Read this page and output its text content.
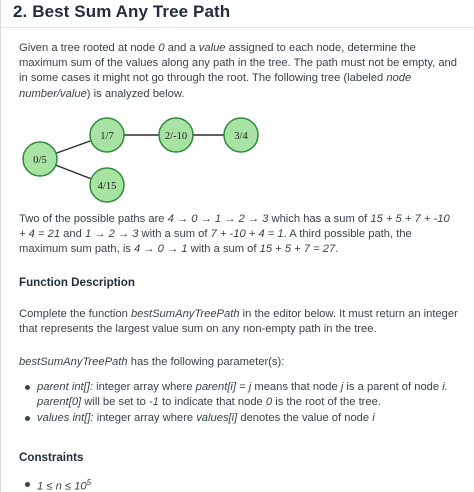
2. Best Sum Any Tree Path
Given a tree rooted at node 0 and a value assigned to each node, determine the maximum sum of the values along any path in the tree. The path must not be empty, and in some cases it might not go through the root. The following tree (labeled node number/value) is analyzed below.
0/5
1/7	2/-10	3/4
4/15
Two of the possible paths are 4 → 0 → 1 → 2 → 3 which has a sum of 15 + 5 + 7 + -10 + 4 = 21 and 1 → 2 → 3 with a sum of 7 + -10 + 4 = 1. A third possible path, the maximum sum path, is 4 → 0 → 1 with a sum of 15 + 5 + 7 = 27.
Function Description
Complete the function bestSumAnyTreePath in the editor below. It must return an integer that represents the largest value sum on any non-empty path in the tree.
bestSumAnyTreePath has the following parameter(s):
parent int[]: integer array where parent[i] = j means that node j is a parent of node i. parent[0] will be set to -1 to indicate that node 0 is the root of the tree.
values int[]: integer array where values[i] denotes the value of node i
Constraints
$1 \le n \le 10^5$
